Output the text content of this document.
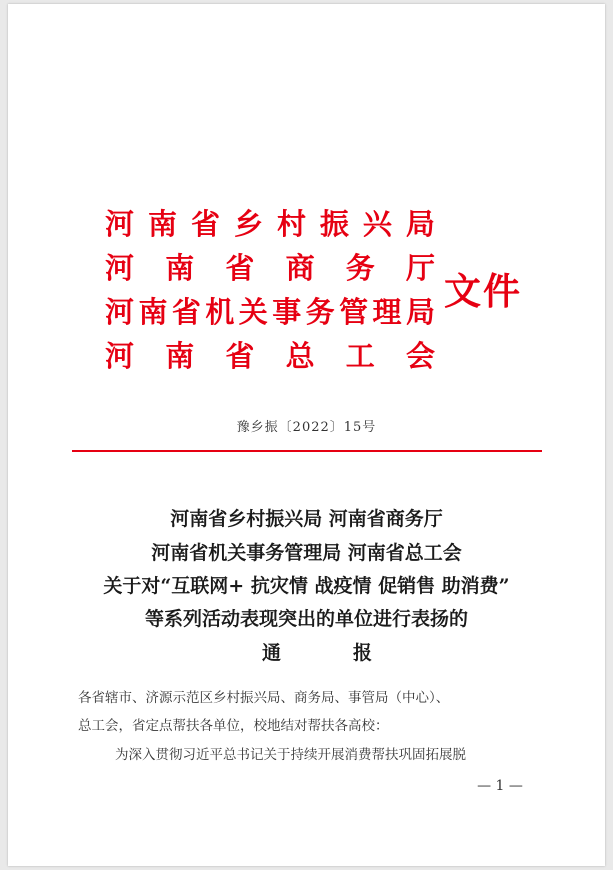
河 南 省 乡 村 振 兴 局
河 南 省 商 务 厅
河 南 省 机 关 事 务 管 理 局
河 南 省 总 工 会
文件
豫乡振〔2022〕15号
河南省乡村振兴局 河南省商务厅
河南省机关事务管理局 河南省总工会
关于对“互联网+ 抗灾情 战疫情 促销售 助消费”
等系列活动表现突出的单位进行表扬的
通	报
各省辖市、济源示范区乡村振兴局、商务局、事管局（中心）、
总工会，省定点帮扶各单位，校地结对帮扶各高校：
为深入贯彻习近平总书记关于持续开展消费帮扶巩固拓展脱
— 1 —
